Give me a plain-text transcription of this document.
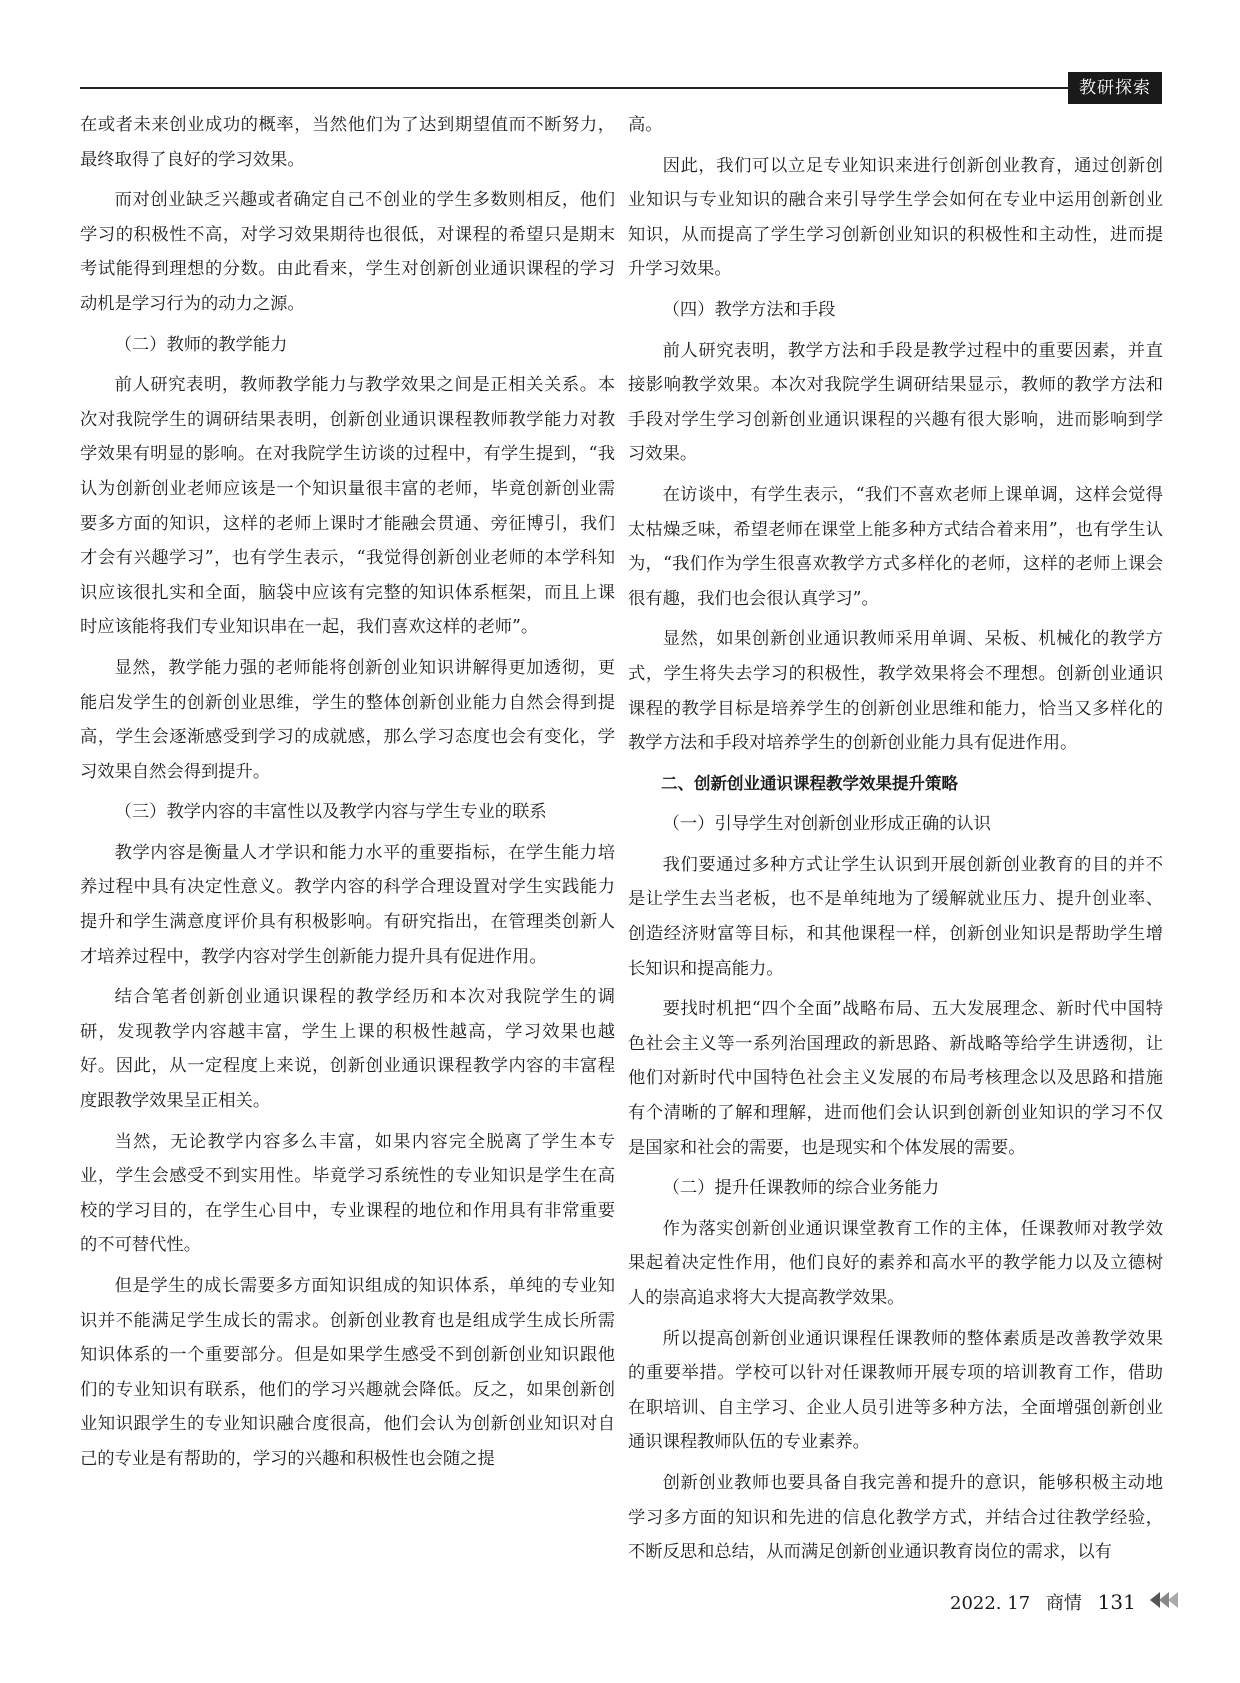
教研探索

在或者未来创业成功的概率，当然他们为了达到期望值而不断努力，最终取得了良好的学习效果。

而对创业缺乏兴趣或者确定自己不创业的学生多数则相反，他们学习的积极性不高，对学习效果期待也很低，对课程的希望只是期末考试能得到理想的分数。由此看来，学生对创新创业通识课程的学习动机是学习行为的动力之源。

（二）教师的教学能力

前人研究表明，教师教学能力与教学效果之间是正相关关系。本次对我院学生的调研结果表明，创新创业通识课程教师教学能力对教学效果有明显的影响。在对我院学生访谈的过程中，有学生提到，“我认为创新创业老师应该是一个知识量很丰富的老师，毕竟创新创业需要多方面的知识，这样的老师上课时才能融会贯通、旁征博引，我们才会有兴趣学习”，也有学生表示，“我觉得创新创业老师的本学科知识应该很扎实和全面，脑袋中应该有完整的知识体系框架，而且上课时应该能将我们专业知识串在一起，我们喜欢这样的老师”。

显然，教学能力强的老师能将创新创业知识讲解得更加透彻，更能启发学生的创新创业思维，学生的整体创新创业能力自然会得到提高，学生会逐渐感受到学习的成就感，那么学习态度也会有变化，学习效果自然会得到提升。

（三）教学内容的丰富性以及教学内容与学生专业的联系

教学内容是衡量人才学识和能力水平的重要指标，在学生能力培养过程中具有决定性意义。教学内容的科学合理设置对学生实践能力提升和学生满意度评价具有积极影响。有研究指出，在管理类创新人才培养过程中，教学内容对学生创新能力提升具有促进作用。

结合笔者创新创业通识课程的教学经历和本次对我院学生的调研，发现教学内容越丰富，学生上课的积极性越高，学习效果也越好。因此，从一定程度上来说，创新创业通识课程教学内容的丰富程度跟教学效果呈正相关。

当然，无论教学内容多么丰富，如果内容完全脱离了学生本专业，学生会感受不到实用性。毕竟学习系统性的专业知识是学生在高校的学习目的，在学生心目中，专业课程的地位和作用具有非常重要的不可替代性。

但是学生的成长需要多方面知识组成的知识体系，单纯的专业知识并不能满足学生成长的需求。创新创业教育也是组成学生成长所需知识体系的一个重要部分。但是如果学生感受不到创新创业知识跟他们的专业知识有联系，他们的学习兴趣就会降低。反之，如果创新创业知识跟学生的专业知识融合度很高，他们会认为创新创业知识对自己的专业是有帮助的，学习的兴趣和积极性也会随之提

高。

因此，我们可以立足专业知识来进行创新创业教育，通过创新创业知识与专业知识的融合来引导学生学会如何在专业中运用创新创业知识，从而提高了学生学习创新创业知识的积极性和主动性，进而提升学习效果。

（四）教学方法和手段

前人研究表明，教学方法和手段是教学过程中的重要因素，并直接影响教学效果。本次对我院学生调研结果显示，教师的教学方法和手段对学生学习创新创业通识课程的兴趣有很大影响，进而影响到学习效果。

在访谈中，有学生表示，“我们不喜欢老师上课单调，这样会觉得太枯燥乏味，希望老师在课堂上能多种方式结合着来用”，也有学生认为，“我们作为学生很喜欢教学方式多样化的老师，这样的老师上课会很有趣，我们也会很认真学习”。

显然，如果创新创业通识教师采用单调、呆板、机械化的教学方式，学生将失去学习的积极性，教学效果将会不理想。创新创业通识课程的教学目标是培养学生的创新创业思维和能力，恰当又多样化的教学方法和手段对培养学生的创新创业能力具有促进作用。

二、创新创业通识课程教学效果提升策略

（一）引导学生对创新创业形成正确的认识

我们要通过多种方式让学生认识到开展创新创业教育的目的并不是让学生去当老板，也不是单纯地为了缓解就业压力、提升创业率、创造经济财富等目标，和其他课程一样，创新创业知识是帮助学生增长知识和提高能力。

要找时机把“四个全面”战略布局、五大发展理念、新时代中国特色社会主义等一系列治国理政的新思路、新战略等给学生讲透彻，让他们对新时代中国特色社会主义发展的布局考核理念以及思路和措施有个清晰的了解和理解，进而他们会认识到创新创业知识的学习不仅是国家和社会的需要，也是现实和个体发展的需要。

（二）提升任课教师的综合业务能力

作为落实创新创业通识课堂教育工作的主体，任课教师对教学效果起着决定性作用，他们良好的素养和高水平的教学能力以及立德树人的崇高追求将大大提高教学效果。

所以提高创新创业通识课程任课教师的整体素质是改善教学效果的重要举措。学校可以针对任课教师开展专项的培训教育工作，借助在职培训、自主学习、企业人员引进等多种方法，全面增强创新创业通识课程教师队伍的专业素养。

创新创业教师也要具备自我完善和提升的意识，能够积极主动地学习多方面的知识和先进的信息化教学方式，并结合过往教学经验，不断反思和总结，从而满足创新创业通识教育岗位的需求，以有

2022. 17 商情 131
